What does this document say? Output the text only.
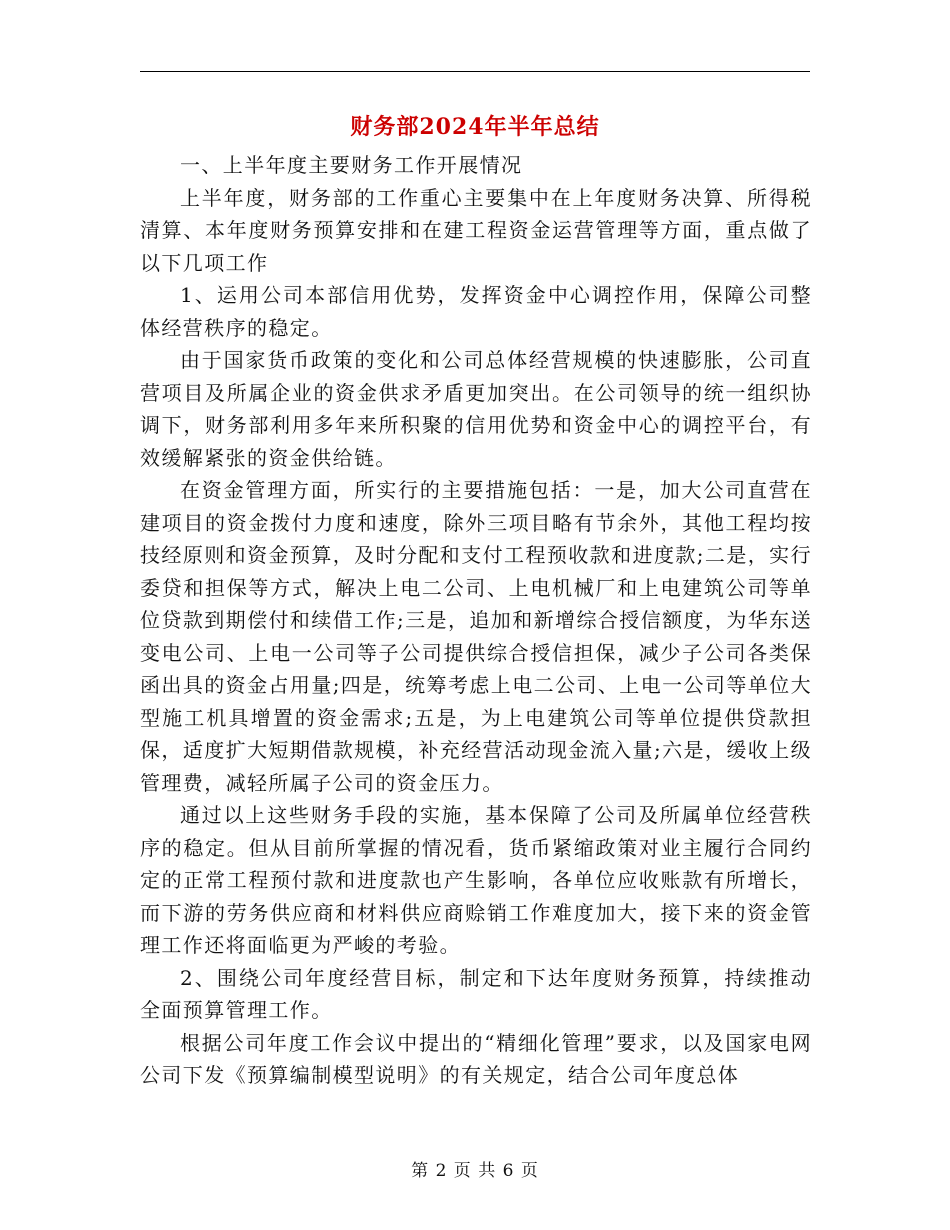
财务部2024年半年总结

一、上半年度主要财务工作开展情况

上半年度，财务部的工作重心主要集中在上年度财务决算、所得税清算、本年度财务预算安排和在建工程资金运营管理等方面，重点做了以下几项工作

1、运用公司本部信用优势，发挥资金中心调控作用，保障公司整体经营秩序的稳定。

由于国家货币政策的变化和公司总体经营规模的快速膨胀，公司直营项目及所属企业的资金供求矛盾更加突出。在公司领导的统一组织协调下，财务部利用多年来所积聚的信用优势和资金中心的调控平台，有效缓解紧张的资金供给链。

在资金管理方面，所实行的主要措施包括：一是，加大公司直营在建项目的资金拨付力度和速度，除外三项目略有节余外，其他工程均按技经原则和资金预算，及时分配和支付工程预收款和进度款;二是，实行委贷和担保等方式，解决上电二公司、上电机械厂和上电建筑公司等单位贷款到期偿付和续借工作;三是，追加和新增综合授信额度，为华东送变电公司、上电一公司等子公司提供综合授信担保，减少子公司各类保函出具的资金占用量;四是，统筹考虑上电二公司、上电一公司等单位大型施工机具增置的资金需求;五是，为上电建筑公司等单位提供贷款担保，适度扩大短期借款规模，补充经营活动现金流入量;六是，缓收上级管理费，减轻所属子公司的资金压力。

通过以上这些财务手段的实施，基本保障了公司及所属单位经营秩序的稳定。但从目前所掌握的情况看，货币紧缩政策对业主履行合同约定的正常工程预付款和进度款也产生影响，各单位应收账款有所增长，而下游的劳务供应商和材料供应商赊销工作难度加大，接下来的资金管理工作还将面临更为严峻的考验。

2、围绕公司年度经营目标，制定和下达年度财务预算，持续推动全面预算管理工作。

根据公司年度工作会议中提出的“精细化管理”要求，以及国家电网公司下发《预算编制模型说明》的有关规定，结合公司年度总体

第 2 页 共 6 页
